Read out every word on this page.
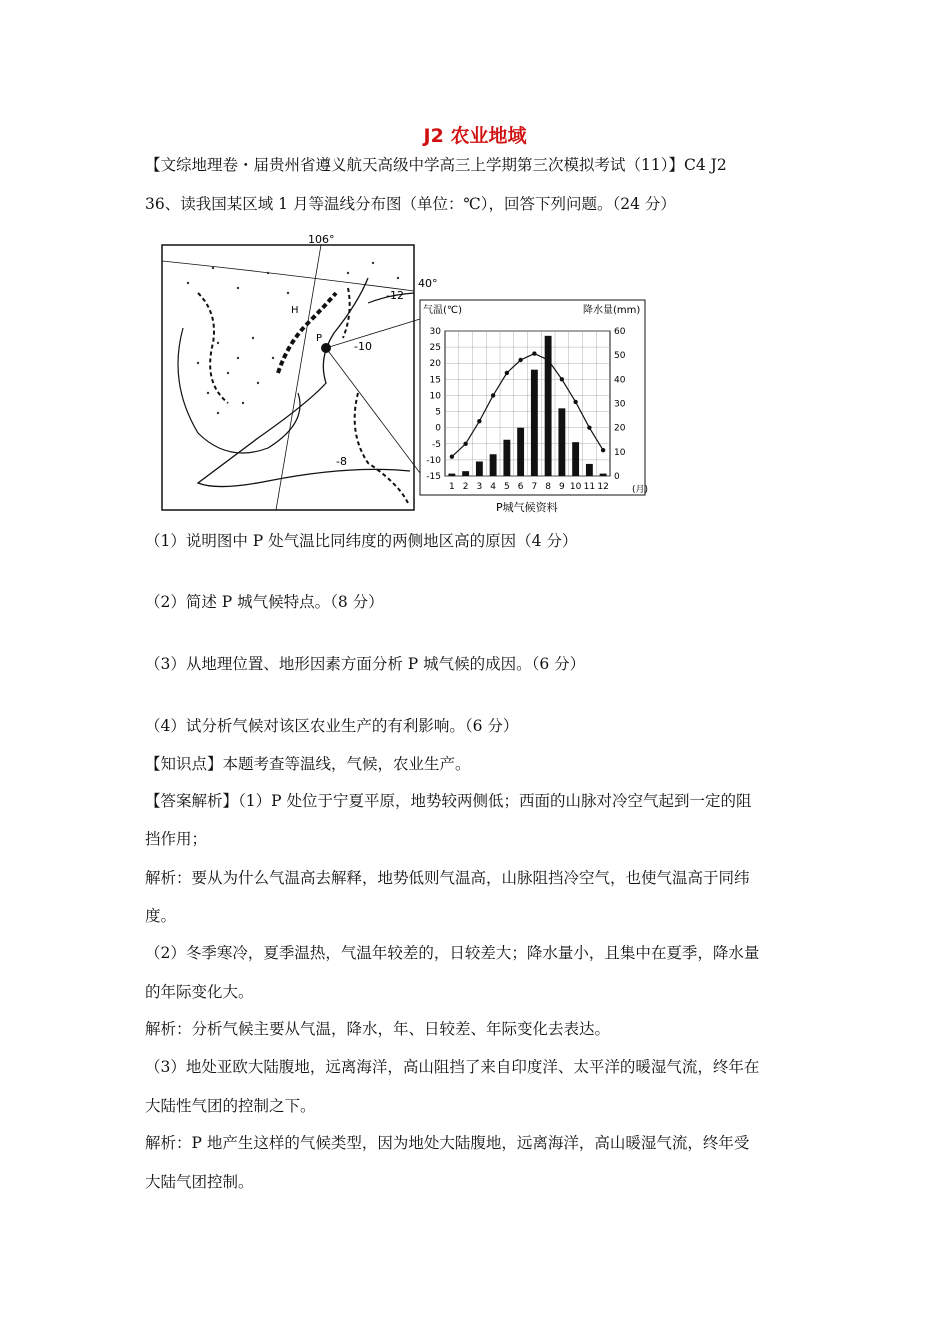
J2 农业地域
【文综地理卷・届贵州省遵义航天高级中学高三上学期第三次模拟考试（11）】C4 J2
36、读我国某区域 1 月等温线分布图（单位：℃），回答下列问题。（24 分）
106°
40°
-12
-10
-8
H
P
气温(℃)	降水量(mm)
30
25
20
15
10
5
0
-5
-10
-15
60
50
40
30
20
10
0
1 2 3 4 5 6 7 8 9 10 11 12	(月)
P城气候资料
（1）说明图中 P 处气温比同纬度的两侧地区高的原因（4 分）
（2）简述 P 城气候特点。（8 分）
（3）从地理位置、地形因素方面分析 P 城气候的成因。（6 分）
（4）试分析气候对该区农业生产的有利影响。（6 分）
【知识点】本题考查等温线，气候，农业生产。
【答案解析】（1）P 处位于宁夏平原，地势较两侧低；西面的山脉对冷空气起到一定的阻
挡作用；
解析：要从为什么气温高去解释，地势低则气温高，山脉阻挡冷空气，也使气温高于同纬
度。
（2）冬季寒冷，夏季温热，气温年较差的，日较差大；降水量小，且集中在夏季，降水量
的年际变化大。
解析：分析气候主要从气温，降水，年、日较差、年际变化去表达。
（3）地处亚欧大陆腹地，远离海洋，高山阻挡了来自印度洋、太平洋的暖湿气流，终年在
大陆性气团的控制之下。
解析：P 地产生这样的气候类型，因为地处大陆腹地，远离海洋，高山暖湿气流，终年受
大陆气团控制。
